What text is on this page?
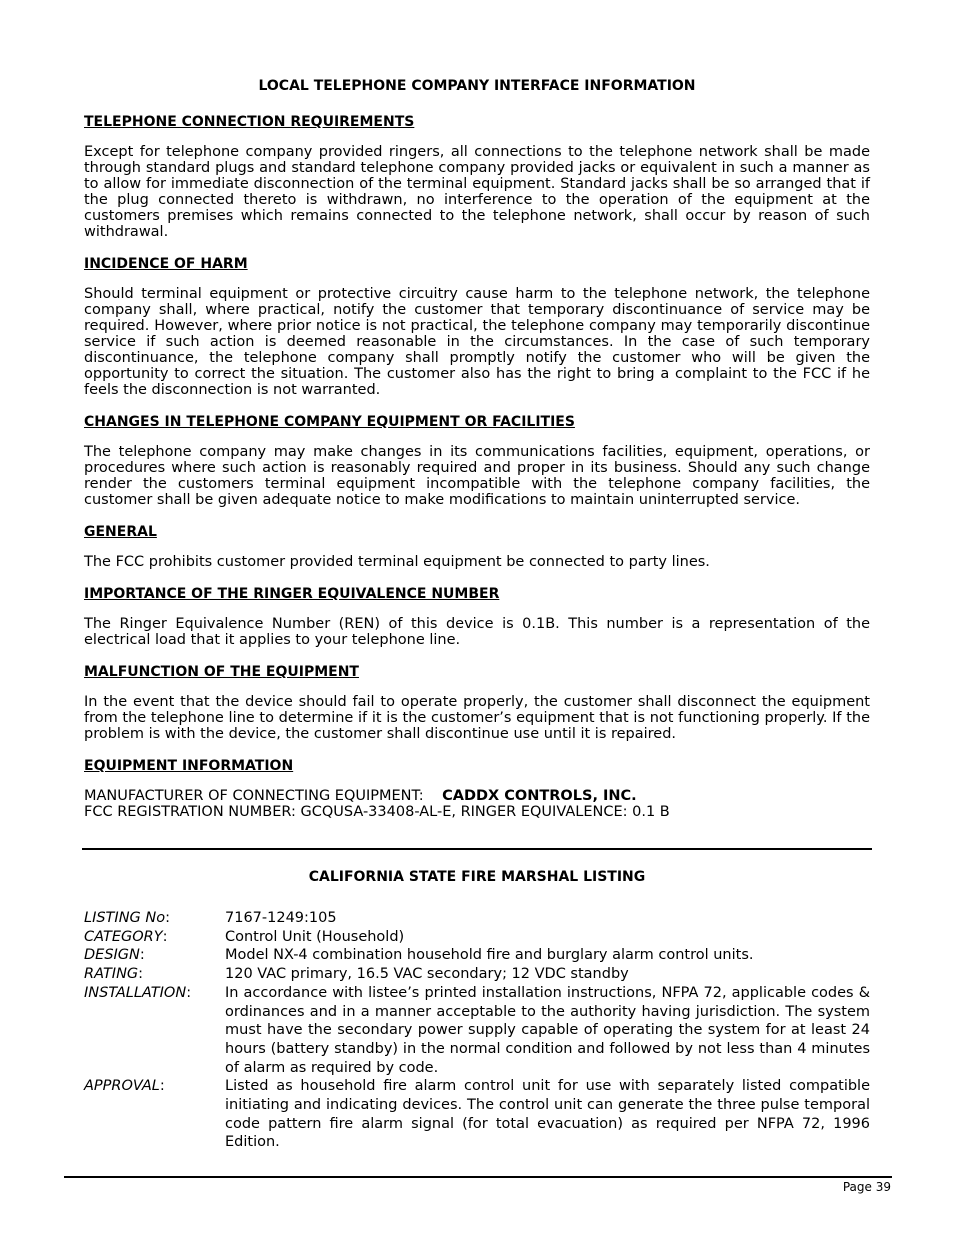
LOCAL TELEPHONE COMPANY INTERFACE INFORMATION
TELEPHONE CONNECTION REQUIREMENTS
Except for telephone company provided ringers, all connections to the telephone network shall be made through standard plugs and standard telephone company provided jacks or equivalent in such a manner as to allow for immediate disconnection of the terminal equipment. Standard jacks shall be so arranged that if the plug connected thereto is withdrawn, no interference to the operation of the equipment at the customers premises which remains connected to the telephone network, shall occur by reason of such withdrawal.
INCIDENCE OF HARM
Should terminal equipment or protective circuitry cause harm to the telephone network, the telephone company shall, where practical, notify the customer that temporary discontinuance of service may be required. However, where prior notice is not practical, the telephone company may temporarily discontinue service if such action is deemed reasonable in the circumstances. In the case of such temporary discontinuance, the telephone company shall promptly notify the customer who will be given the opportunity to correct the situation. The customer also has the right to bring a complaint to the FCC if he feels the disconnection is not warranted.
CHANGES IN TELEPHONE COMPANY EQUIPMENT OR FACILITIES
The telephone company may make changes in its communications facilities, equipment, operations, or procedures where such action is reasonably required and proper in its business. Should any such change render the customers terminal equipment incompatible with the telephone company facilities, the customer shall be given adequate notice to make modifications to maintain uninterrupted service.
GENERAL
The FCC prohibits customer provided terminal equipment be connected to party lines.
IMPORTANCE OF THE RINGER EQUIVALENCE NUMBER
The Ringer Equivalence Number (REN) of this device is 0.1B. This number is a representation of the electrical load that it applies to your telephone line.
MALFUNCTION OF THE EQUIPMENT
In the event that the device should fail to operate properly, the customer shall disconnect the equipment from the telephone line to determine if it is the customer’s equipment that is not functioning properly. If the problem is with the device, the customer shall discontinue use until it is repaired.
EQUIPMENT INFORMATION
MANUFACTURER OF CONNECTING EQUIPMENT: CADDX CONTROLS, INC.
FCC REGISTRATION NUMBER: GCQUSA-33408-AL-E, RINGER EQUIVALENCE: 0.1 B
CALIFORNIA STATE FIRE MARSHAL LISTING
LISTING No:	7167-1249:105
CATEGORY:	Control Unit (Household)
DESIGN:	Model NX-4 combination household fire and burglary alarm control units.
RATING:	120 VAC primary, 16.5 VAC secondary; 12 VDC standby
INSTALLATION:	In accordance with listee’s printed installation instructions, NFPA 72, applicable codes & ordinances and in a manner acceptable to the authority having jurisdiction. The system must have the secondary power supply capable of operating the system for at least 24 hours (battery standby) in the normal condition and followed by not less than 4 minutes of alarm as required by code.
APPROVAL:	Listed as household fire alarm control unit for use with separately listed compatible initiating and indicating devices. The control unit can generate the three pulse temporal code pattern fire alarm signal (for total evacuation) as required per NFPA 72, 1996 Edition.
Page 39
